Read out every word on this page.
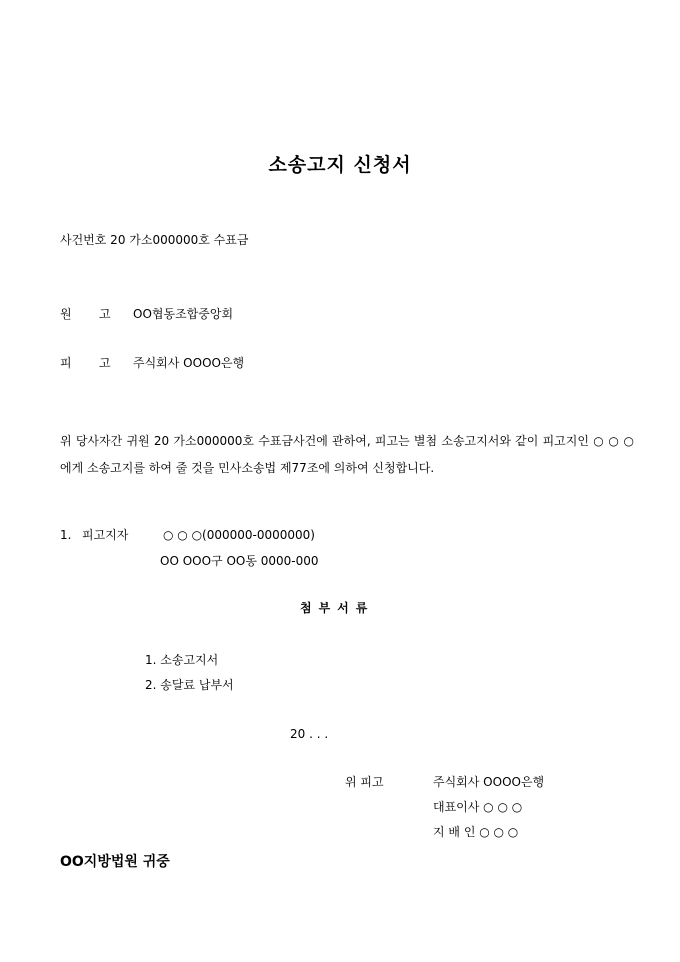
소송고지 신청서
사건번호 20 가소000000호 수표금
원 고 OO협동조합중앙회
피 고 주식회사 OOOO은행
위 당사자간 귀원 20 가소000000호 수표금사건에 관하여, 피고는 별첨 소송고지서와 같이 피고지인 ○ ○ ○에게 소송고지를 하여 줄 것을 민사소송법 제77조에 의하여 신청합니다.
1. 피고지자	○ ○ ○(000000-0000000)
OO OOO구 OO동 0000-000
첨부서류
1. 소송고지서
2. 송달료 납부서
20 . . .
위 피고	주식회사 OOOO은행
대표이사 ○ ○ ○
지 배 인 ○ ○ ○
OO지방법원 귀중
